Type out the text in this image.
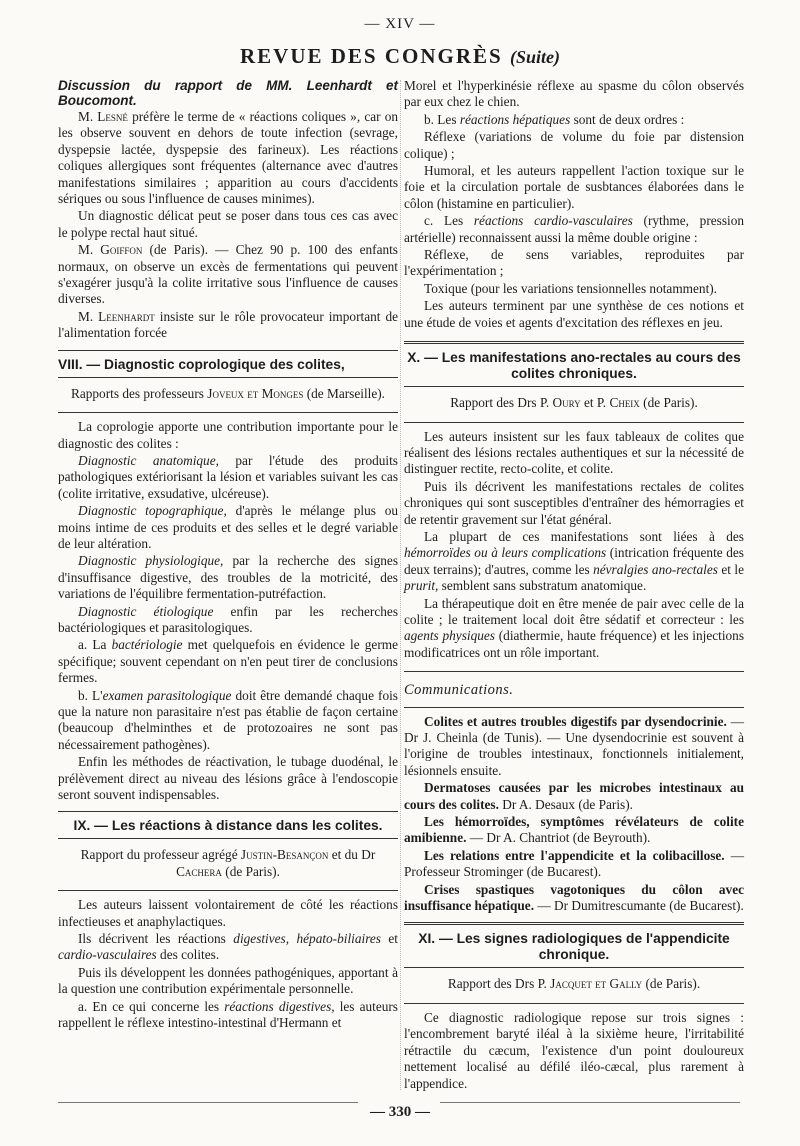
— XIV —
REVUE DES CONGRÈS (Suite)

Discussion du rapport de MM. Leenhardt et Boucomont.

M. Lesné préfère le terme de « réactions coliques », car on les observe souvent en dehors de toute infection (sevrage, dyspepsie lactée, dyspepsie des farineux). Les réactions coliques allergiques sont fréquentes (alternance avec d'autres manifestations similaires ; apparition au cours d'accidents sériques ou sous l'influence de causes minimes).

Un diagnostic délicat peut se poser dans tous ces cas avec le polype rectal haut situé.

M. Goiffon (de Paris). — Chez 90 p. 100 des enfants normaux, on observe un excès de fermentations qui peuvent s'exagérer jusqu'à la colite irritative sous l'influence de causes diverses.

M. Leenhardt insiste sur le rôle provocateur important de l'alimentation forcée

VIII. — Diagnostic coprologique des colites,

Rapports des professeurs Joveux et Monges (de Marseille).

La coprologie apporte une contribution importante pour le diagnostic des colites :

Diagnostic anatomique, par l'étude des produits pathologiques extériorisant la lésion et variables suivant les cas (colite irritative, exsudative, ulcéreuse).

Diagnostic topographique, d'après le mélange plus ou moins intime de ces produits et des selles et le degré variable de leur altération.

Diagnostic physiologique, par la recherche des signes d'insuffisance digestive, des troubles de la motricité, des variations de l'équilibre fermentation-putréfaction.

Diagnostic étiologique enfin par les recherches bactériologiques et parasitologiques.

a. La bactériologie met quelquefois en évidence le germe spécifique; souvent cependant on n'en peut tirer de conclusions fermes.

b. L'examen parasitologique doit être demandé chaque fois que la nature non parasitaire n'est pas établie de façon certaine (beaucoup d'helminthes et de protozoaires ne sont pas nécessairement pathogènes).

Enfin les méthodes de réactivation, le tubage duodénal, le prélèvement direct au niveau des lésions grâce à l'endoscopie seront souvent indispensables.

IX. — Les réactions à distance dans les colites.

Rapport du professeur agrégé Justin-Besançon et du Dr Cachera (de Paris).

Les auteurs laissent volontairement de côté les réactions infectieuses et anaphylactiques.

Ils décrivent les réactions digestives, hépato-biliaires et cardio-vasculaires des colites.

Puis ils développent les données pathogéniques, apportant à la question une contribution expérimentale personnelle.

a. En ce qui concerne les réactions digestives, les auteurs rappellent le réflexe intestino-intestinal d'Hermann et

Morel et l'hyperkinésie réflexe au spasme du côlon observés par eux chez le chien.

b. Les réactions hépatiques sont de deux ordres :

Réflexe (variations de volume du foie par distension colique) ;

Humoral, et les auteurs rappellent l'action toxique sur le foie et la circulation portale de susbtances élaborées dans le côlon (histamine en particulier).

c. Les réactions cardio-vasculaires (rythme, pression artérielle) reconnaissent aussi la même double origine :

Réflexe, de sens variables, reproduites par l'expérimentation ;

Toxique (pour les variations tensionnelles notamment).

Les auteurs terminent par une synthèse de ces notions et une étude de voies et agents d'excitation des réflexes en jeu.

X. — Les manifestations ano-rectales au cours des colites chroniques.

Rapport des Drs P. Oury et P. Cheix (de Paris).

Les auteurs insistent sur les faux tableaux de colites que réalisent des lésions rectales authentiques et sur la nécessité de distinguer rectite, recto-colite, et colite.

Puis ils décrivent les manifestations rectales de colites chroniques qui sont susceptibles d'entraîner des hémorragies et de retentir gravement sur l'état général.

La plupart de ces manifestations sont liées à des hémorroïdes ou à leurs complications (intrication fréquente des deux terrains); d'autres, comme les névralgies ano-rectales et le prurit, semblent sans substratum anatomique.

La thérapeutique doit en être menée de pair avec celle de la colite ; le traitement local doit être sédatif et correcteur : les agents physiques (diathermie, haute fréquence) et les injections modificatrices ont un rôle important.

Communications.

Colites et autres troubles digestifs par dysendocrinie. — Dr J. Cheinla (de Tunis). — Une dysendocrinie est souvent à l'origine de troubles intestinaux, fonctionnels initialement, lésionnels ensuite.

Dermatoses causées par les microbes intestinaux au cours des colites. Dr A. Desaux (de Paris).

Les hémorroïdes, symptômes révélateurs de colite amibienne. — Dr A. Chantriot (de Beyrouth).

Les relations entre l'appendicite et la colibacillose. — Professeur Strominger (de Bucarest).

Crises spastiques vagotoniques du côlon avec insuffisance hépatique. — Dr Dumitrescumante (de Bucarest).

XI. — Les signes radiologiques de l'appendicite chronique.

Rapport des Drs P. Jacquet et Gally (de Paris).

Ce diagnostic radiologique repose sur trois signes : l'encombrement baryté iléal à la sixième heure, l'irritabilité rétractile du cæcum, l'existence d'un point douloureux nettement localisé au défilé iléo-cæcal, plus rarement à l'appendice.

— 330 —
